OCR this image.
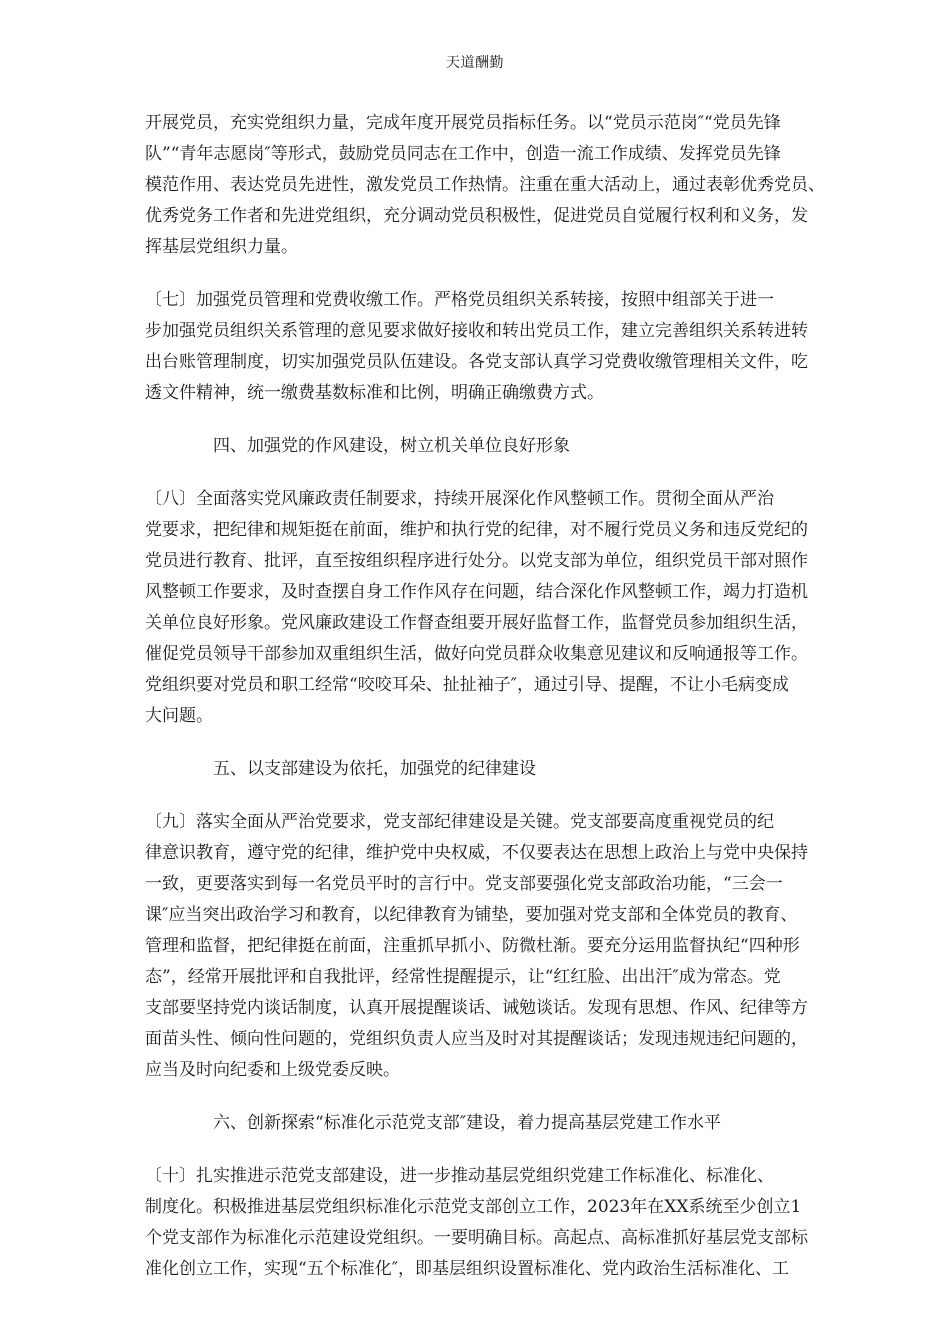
天道酬勤
开展党员，充实党组织力量，完成年度开展党员指标任务。以“党员示范岗″“党员先锋
队”“青年志愿岗″等形式，鼓励党员同志在工作中，创造一流工作成绩、发挥党员先锋
模范作用、表达党员先进性，激发党员工作热情。注重在重大活动上，通过表彰优秀党员、
优秀党务工作者和先进党组织，充分调动党员积极性，促进党员自觉履行权利和义务，发
挥基层党组织力量。
〔七〕加强党员管理和党费收缴工作。严格党员组织关系转接，按照中组部关于进一
步加强党员组织关系管理的意见要求做好接收和转出党员工作，建立完善组织关系转进转
出台账管理制度，切实加强党员队伍建设。各党支部认真学习党费收缴管理相关文件，吃
透文件精神，统一缴费基数标准和比例，明确正确缴费方式。
四、加强党的作风建设，树立机关单位良好形象
〔八〕全面落实党风廉政责任制要求，持续开展深化作风整顿工作。贯彻全面从严治
党要求，把纪律和规矩挺在前面，维护和执行党的纪律，对不履行党员义务和违反党纪的
党员进行教育、批评，直至按组织程序进行处分。以党支部为单位，组织党员干部对照作
风整顿工作要求，及时查摆自身工作作风存在问题，结合深化作风整顿工作，竭力打造机
关单位良好形象。党风廉政建设工作督查组要开展好监督工作，监督党员参加组织生活，
催促党员领导干部参加双重组织生活，做好向党员群众收集意见建议和反响通报等工作。
党组织要对党员和职工经常“咬咬耳朵、扯扯袖子″，通过引导、提醒，不让小毛病变成
大问题。
五、以支部建设为依托，加强党的纪律建设
〔九〕落实全面从严治党要求，党支部纪律建设是关键。党支部要高度重视党员的纪
律意识教育，遵守党的纪律，维护党中央权威，不仅要表达在思想上政治上与党中央保持
一致，更要落实到每一名党员平时的言行中。党支部要强化党支部政治功能，“三会一
课″应当突出政治学习和教育，以纪律教育为铺垫，要加强对党支部和全体党员的教育、
管理和监督，把纪律挺在前面，注重抓早抓小、防微杜渐。要充分运用监督执纪“四种形
态”，经常开展批评和自我批评，经常性提醒提示，让“红红脸、出出汗″成为常态。党
支部要坚持党内谈话制度，认真开展提醒谈话、诫勉谈话。发现有思想、作风、纪律等方
面苗头性、倾向性问题的，党组织负责人应当及时对其提醒谈话；发现违规违纪问题的，
应当及时向纪委和上级党委反映。
六、创新探索“标准化示范党支部″建设，着力提高基层党建工作水平
〔十〕扎实推进示范党支部建设，进一步推动基层党组织党建工作标准化、标准化、
制度化。积极推进基层党组织标准化示范党支部创立工作，2023年在XX系统至少创立1
个党支部作为标准化示范建设党组织。一要明确目标。高起点、高标准抓好基层党支部标
准化创立工作，实现“五个标准化″，即基层组织设置标准化、党内政治生活标准化、工
